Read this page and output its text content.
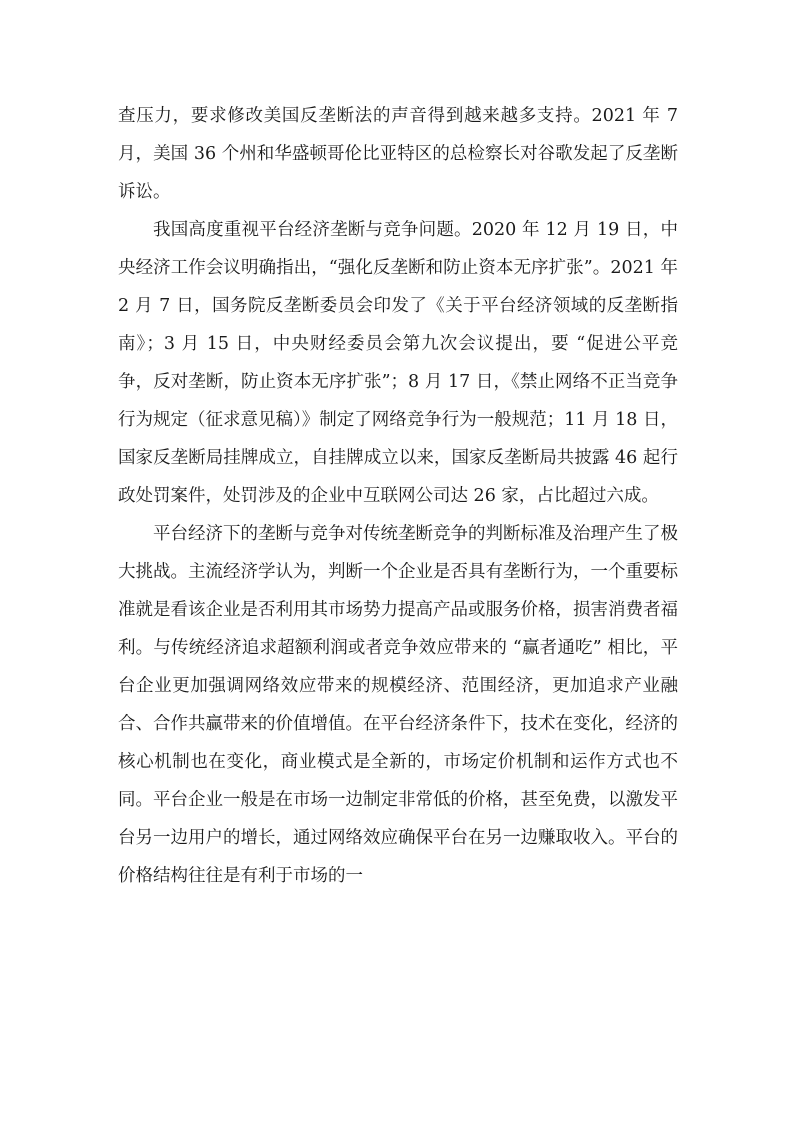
查压力，要求修改美国反垄断法的声音得到越来越多支持。2021 年 7 月，美国 36 个州和华盛顿哥伦比亚特区的总检察长对谷歌发起了反垄断诉讼。

我国高度重视平台经济垄断与竞争问题。2020 年 12 月 19 日，中央经济工作会议明确指出，“强化反垄断和防止资本无序扩张”。2021 年 2 月 7 日，国务院反垄断委员会印发了《关于平台经济领域的反垄断指南》；3 月 15 日，中央财经委员会第九次会议提出，要 “促进公平竞争，反对垄断，防止资本无序扩张”；8 月 17 日，《禁止网络不正当竞争行为规定（征求意见稿）》制定了网络竞争行为一般规范；11 月 18 日，国家反垄断局挂牌成立，自挂牌成立以来，国家反垄断局共披露 46 起行政处罚案件，处罚涉及的企业中互联网公司达 26 家，占比超过六成。

平台经济下的垄断与竞争对传统垄断竞争的判断标准及治理产生了极大挑战。主流经济学认为，判断一个企业是否具有垄断行为，一个重要标准就是看该企业是否利用其市场势力提高产品或服务价格，损害消费者福利。与传统经济追求超额利润或者竞争效应带来的 “赢者通吃” 相比，平台企业更加强调网络效应带来的规模经济、范围经济，更加追求产业融合、合作共赢带来的价值增值。在平台经济条件下，技术在变化，经济的核心机制也在变化，商业模式是全新的，市场定价机制和运作方式也不同。平台企业一般是在市场一边制定非常低的价格，甚至免费，以激发平台另一边用户的增长，通过网络效应确保平台在另一边赚取收入。平台的价格结构往往是有利于市场的一
